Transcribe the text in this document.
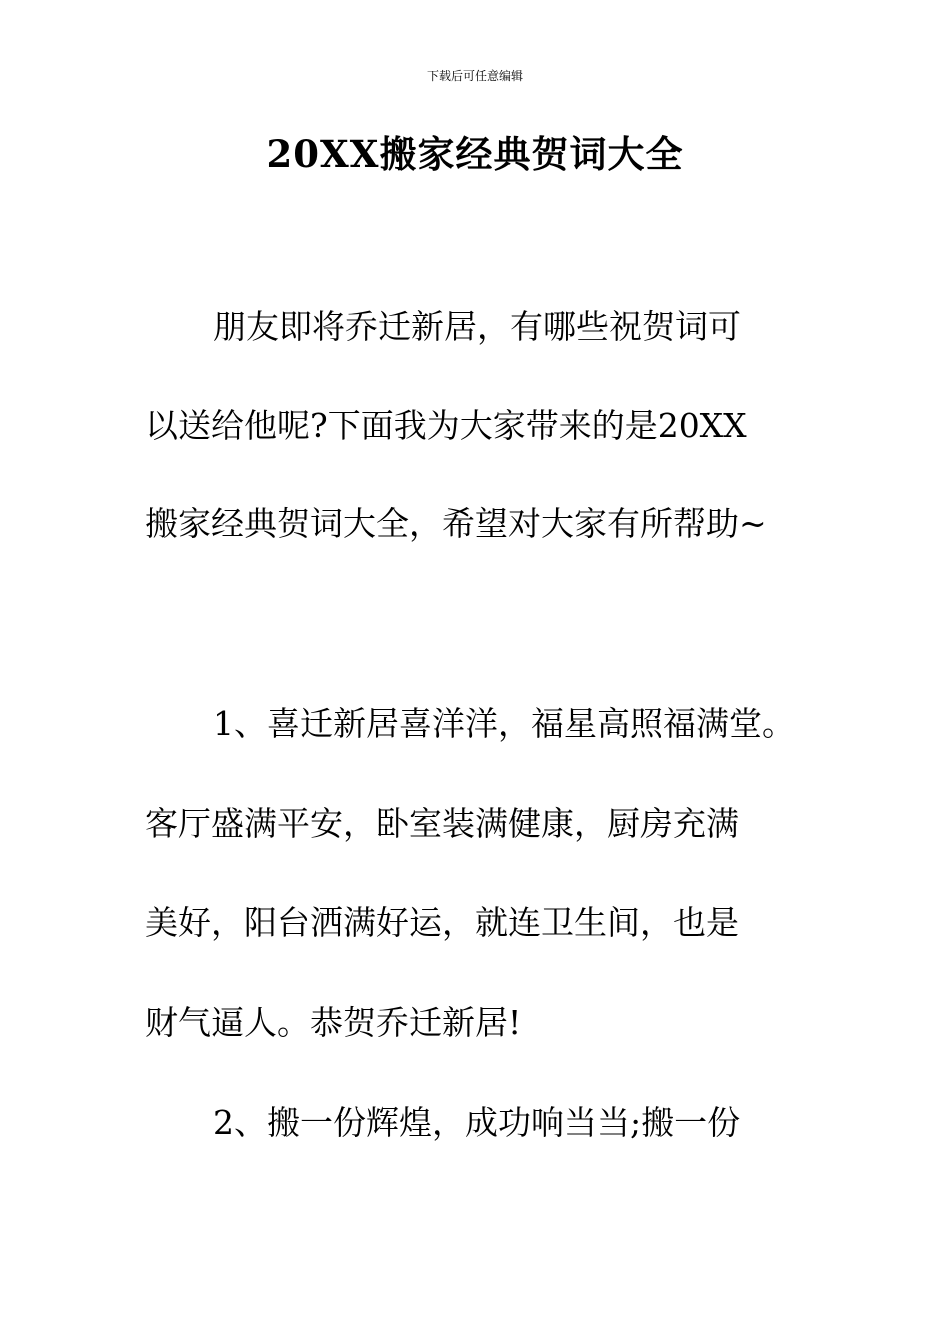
下载后可任意编辑
20XX搬家经典贺词大全
朋友即将乔迁新居，有哪些祝贺词可
以送给他呢?下面我为大家带来的是20XX
搬家经典贺词大全，希望对大家有所帮助~
1、喜迁新居喜洋洋，福星高照福满堂。
客厅盛满平安，卧室装满健康，厨房充满
美好，阳台洒满好运，就连卫生间，也是
财气逼人。恭贺乔迁新居!
2、搬一份辉煌，成功响当当;搬一份
